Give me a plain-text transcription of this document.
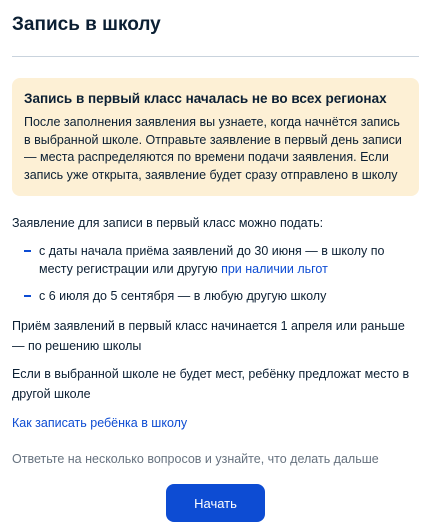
Запись в школу
Запись в первый класс началась не во всех регионах
После заполнения заявления вы узнаете, когда начнётся запись в выбранной школе. Отправьте заявление в первый день записи — места распределяются по времени подачи заявления. Если запись уже открыта, заявление будет сразу отправлено в школу
Заявление для записи в первый класс можно подать:
с даты начала приёма заявлений до 30 июня — в школу по месту регистрации или другую при наличии льгот
с 6 июля до 5 сентября — в любую другую школу
Приём заявлений в первый класс начинается 1 апреля или раньше — по решению школы
Если в выбранной школе не будет мест, ребёнку предложат место в другой школе
Как записать ребёнка в школу
Ответьте на несколько вопросов и узнайте, что делать дальше
Начать
